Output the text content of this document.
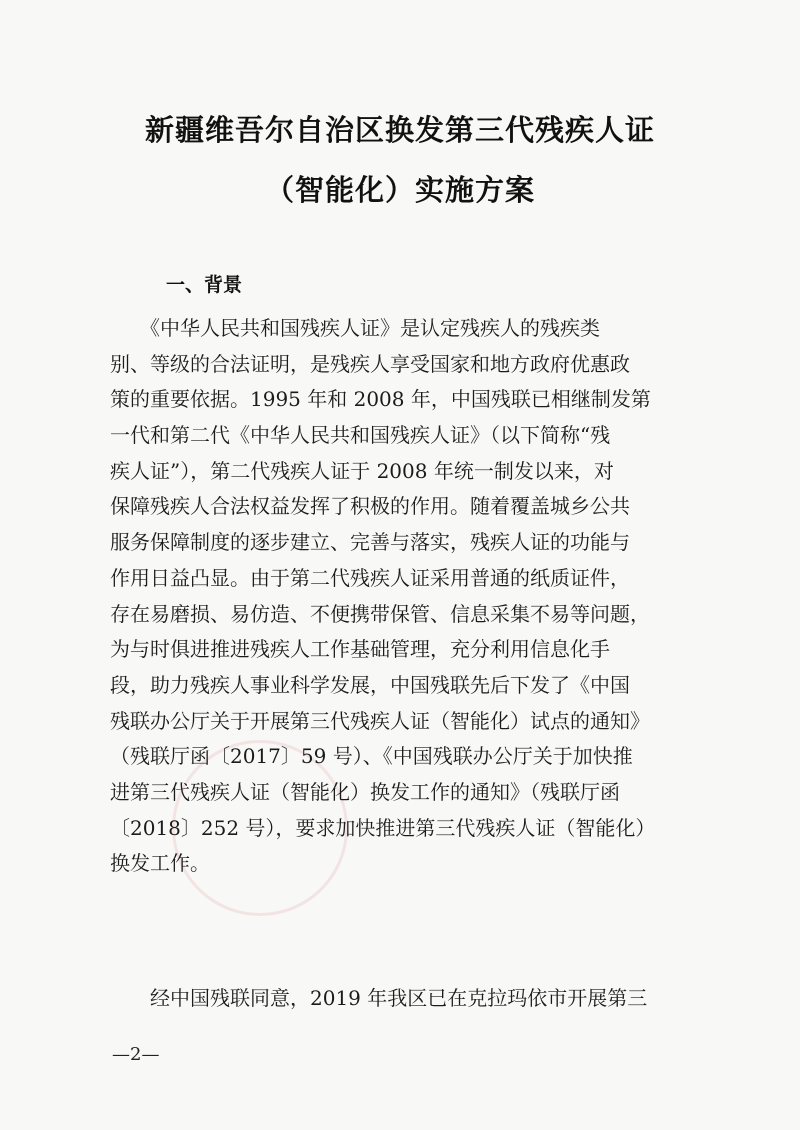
新疆维吾尔自治区换发第三代残疾人证
（智能化）实施方案
一、背景
　　《中华人民共和国残疾人证》是认定残疾人的残疾类
别、等级的合法证明，是残疾人享受国家和地方政府优惠政
策的重要依据。1995 年和 2008 年，中国残联已相继制发第
一代和第二代《中华人民共和国残疾人证》（以下简称“残
疾人证”），第二代残疾人证于 2008 年统一制发以来，对
保障残疾人合法权益发挥了积极的作用。随着覆盖城乡公共
服务保障制度的逐步建立、完善与落实，残疾人证的功能与
作用日益凸显。由于第二代残疾人证采用普通的纸质证件，
存在易磨损、易仿造、不便携带保管、信息采集不易等问题，
为与时俱进推进残疾人工作基础管理，充分利用信息化手
段，助力残疾人事业科学发展，中国残联先后下发了《中国
残联办公厅关于开展第三代残疾人证（智能化）试点的通知》
（残联厅函〔2017〕59 号）、《中国残联办公厅关于加快推
进第三代残疾人证（智能化）换发工作的通知》（残联厅函
〔2018〕252 号），要求加快推进第三代残疾人证（智能化）
换发工作。
　　经中国残联同意，2019 年我区已在克拉玛依市开展第三
—2—
